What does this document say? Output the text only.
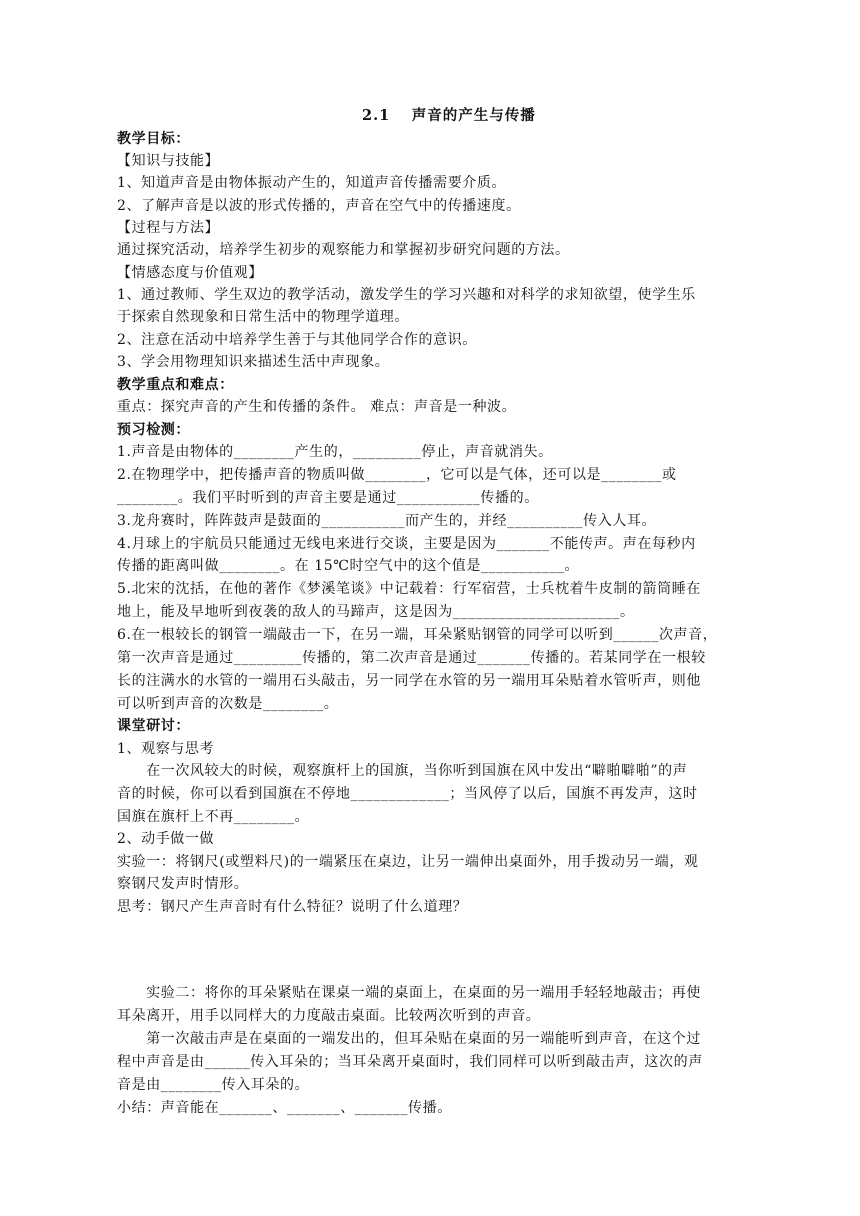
2.1　 声音的产生与传播
教学目标：
【知识与技能】
1、知道声音是由物体振动产生的，知道声音传播需要介质。
2、了解声音是以波的形式传播的，声音在空气中的传播速度。
【过程与方法】
通过探究活动，培养学生初步的观察能力和掌握初步研究问题的方法。
【情感态度与价值观】
1、通过教师、学生双边的教学活动，激发学生的学习兴趣和对科学的求知欲望，使学生乐
于探索自然现象和日常生活中的物理学道理。
2、注意在活动中培养学生善于与其他同学合作的意识。
3、学会用物理知识来描述生活中声现象。
教学重点和难点：
重点：探究声音的产生和传播的条件。 难点：声音是一种波。
预习检测：
1.声音是由物体的________产生的，_________停止，声音就消失。
2.在物理学中，把传播声音的物质叫做________，它可以是气体，还可以是________或
________。我们平时听到的声音主要是通过___________传播的。
3.龙舟赛时，阵阵鼓声是鼓面的___________而产生的，并经__________传入人耳。
4.月球上的宇航员只能通过无线电来进行交谈，主要是因为_______不能传声。声在每秒内
传播的距离叫做________。在 15℃时空气中的这个值是___________。
5.北宋的沈括，在他的著作《梦溪笔谈》中记载着：行军宿营，士兵枕着牛皮制的箭筒睡在
地上，能及早地听到夜袭的敌人的马蹄声，这是因为______________________。
6.在一根较长的钢管一端敲击一下，在另一端，耳朵紧贴钢管的同学可以听到______次声音，
第一次声音是通过_________传播的，第二次声音是通过_______传播的。若某同学在一根较
长的注满水的水管的一端用石头敲击，另一同学在水管的另一端用耳朵贴着水管听声，则他
可以听到声音的次数是________。
课堂研讨：
1、观察与思考
　　在一次风较大的时候，观察旗杆上的国旗，当你听到国旗在风中发出“噼啪噼啪”的声
音的时候，你可以看到国旗在不停地_____________；当风停了以后，国旗不再发声，这时
国旗在旗杆上不再________。
2、动手做一做
实验一：将钢尺(或塑料尺)的一端紧压在桌边，让另一端伸出桌面外，用手拨动另一端，观
察钢尺发声时情形。
思考：钢尺产生声音时有什么特征？说明了什么道理？
　　实验二：将你的耳朵紧贴在课桌一端的桌面上，在桌面的另一端用手轻轻地敲击；再使
耳朵离开，用手以同样大的力度敲击桌面。比较两次听到的声音。
　　第一次敲击声是在桌面的一端发出的，但耳朵贴在桌面的另一端能听到声音，在这个过
程中声音是由______传入耳朵的；当耳朵离开桌面时，我们同样可以听到敲击声，这次的声
音是由________传入耳朵的。
小结：声音能在_______、_______、_______传播。
